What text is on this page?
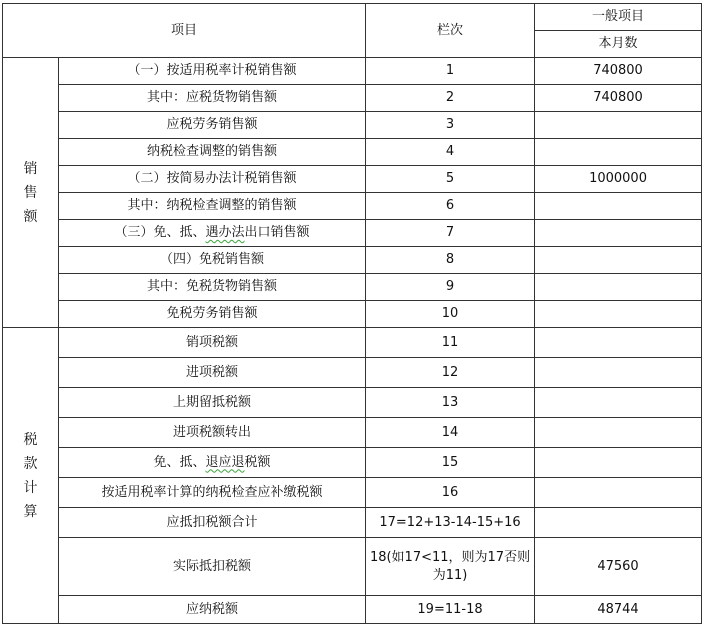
项目		栏次	一般项目
			本月数

销
售
额	（一）按适用税率计税销售额	1	740800
	其中：应税货物销售额	2	740800
	应税劳务销售额	3	
	纳税检查调整的销售额	4	
	（二）按简易办法计税销售额	5	1000000
	其中：纳税检查调整的销售额	6	
	（三）免、抵、遇办法出口销售额	7	
	（四）免税销售额	8	
	其中：免税货物销售额	9	
	免税劳务销售额	10	

税
款
计
算	销项税额	11	
	进项税额	12	
	上期留抵税额	13	
	进项税额转出	14	
	免、抵、退应退税额	15	
	按适用税率计算的纳税检查应补缴税额	16	
	应抵扣税额合计	17=12+13-14-15+16	
	实际抵扣税额	18(如17<11，则为17否则为11)	47560
	应纳税额	19=11-18	48744
